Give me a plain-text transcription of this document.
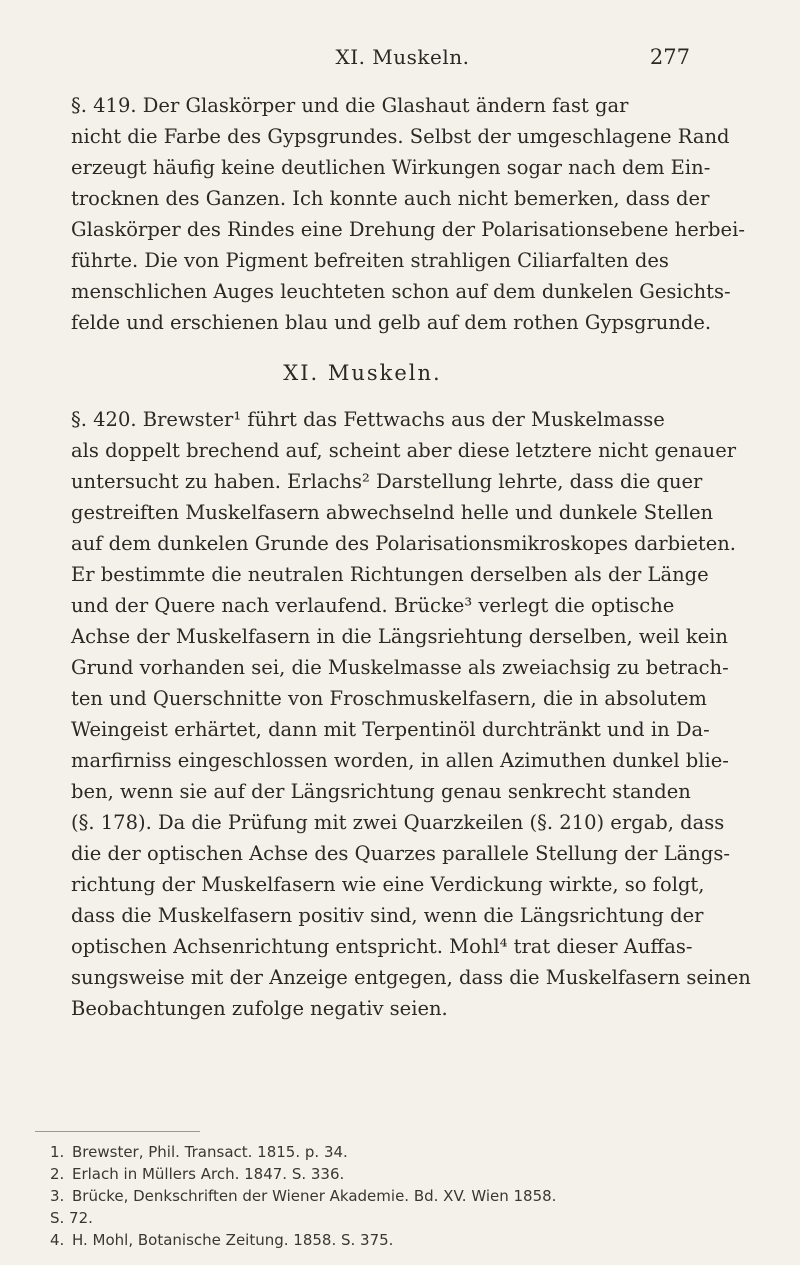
XI. Muskeln.	277

§. 419. Der Glaskörper und die Glashaut ändern fast gar
nicht die Farbe des Gypsgrundes. Selbst der umgeschlagene Rand
erzeugt häufig keine deutlichen Wirkungen sogar nach dem Ein-
trocknen des Ganzen. Ich konnte auch nicht bemerken, dass der
Glaskörper des Rindes eine Drehung der Polarisationsebene herbei-
führte. Die von Pigment befreiten strahligen Ciliarfalten des
menschlichen Auges leuchteten schon auf dem dunkelen Gesichts-
felde und erschienen blau und gelb auf dem rothen Gypsgrunde.

XI. Muskeln.

§. 420. Brewster¹ führt das Fettwachs aus der Muskelmasse
als doppelt brechend auf, scheint aber diese letztere nicht genauer
untersucht zu haben. Erlachs² Darstellung lehrte, dass die quer
gestreiften Muskelfasern abwechselnd helle und dunkele Stellen
auf dem dunkelen Grunde des Polarisationsmikroskopes darbieten.
Er bestimmte die neutralen Richtungen derselben als der Länge
und der Quere nach verlaufend. Brücke³ verlegt die optische
Achse der Muskelfasern in die Längsriehtung derselben, weil kein
Grund vorhanden sei, die Muskelmasse als zweiachsig zu betrach-
ten und Querschnitte von Froschmuskelfasern, die in absolutem
Weingeist erhärtet, dann mit Terpentinöl durchtränkt und in Da-
marfirniss eingeschlossen worden, in allen Azimuthen dunkel blie-
ben, wenn sie auf der Längsrichtung genau senkrecht standen
(§. 178). Da die Prüfung mit zwei Quarzkeilen (§. 210) ergab, dass
die der optischen Achse des Quarzes parallele Stellung der Längs-
richtung der Muskelfasern wie eine Verdickung wirkte, so folgt,
dass die Muskelfasern positiv sind, wenn die Längsrichtung der
optischen Achsenrichtung entspricht. Mohl⁴ trat dieser Auffas-
sungsweise mit der Anzeige entgegen, dass die Muskelfasern seinen
Beobachtungen zufolge negativ seien.

1. Brewster, Phil. Transact. 1815. p. 34.

2. Erlach in Müllers Arch. 1847. S. 336.

3. Brücke, Denkschriften der Wiener Akademie. Bd. XV. Wien 1858.

S. 72.

4. H. Mohl, Botanische Zeitung. 1858. S. 375.
